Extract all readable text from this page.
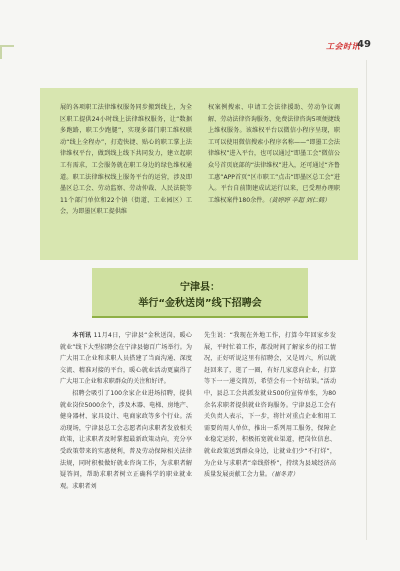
工会时讯
49
展的各项职工法律维权服务同步搬到线上，为全区职工提供24小时线上法律维权服务，让“数据多跑路，职工少跑腿”，实现多部门职工维权联动“线上全程办”，打造快捷、贴心的职工掌上法律维权平台，做到线上线下共同发力，建立起职工有需求，工会服务就在职工身边的绿色维权通道。职工法律维权线上服务平台的运营，涉及即墨区总工会、劳动监察、劳动仲裁、人民法院等11个部门单位和22个镇（街道、工业园区）工会，为即墨区职工提供维
权案例搜索、申请工会法律援助、劳动争议调解、劳动法律咨询服务、免费法律咨询5项便捷线上维权服务。该维权平台以微信小程序呈现，职工可以使用微信搜索小程序名称——“即墨工会法律维权”进入平台，也可以通过“即墨工会”微信公众号首页底部的“法律维权”进入，还可通过“齐鲁工惠”APP首页“区市职工”点击“即墨区总工会”进入。平台自前期建成试运行以来，已受理办理职工维权案件180余件。（黄婷婷 辛超 刘仁鹤）
宁津县：
举行“金秋送岗”线下招聘会

本刊讯 11月4日，宁津县“金秋送岗，暖心就业”线下大型招聘会在宁津县德百广场举行。为广大用工企业和求职人员搭建了当面沟通、深度交流、精准对接的平台，暖心就业活动更赢得了广大用工企业和求职群众的关注和好评。

招聘会吸引了100余家企业进场招聘，提供就业岗位5000余个，涉及木器、电梯、房地产、健身器材、家具设计、电商家政等多个行业。活动现场，宁津县总工会志愿者向求职者发放相关政策，让求职者及时掌握最新政策动向，充分享受政策带来的实惠便利，普及劳动保障相关法律法规，同时积极做好就业咨询工作，为求职者解疑答问，帮助求职者树立正确科学的职业就业观。求职者刘

先生说：“我现在外地工作，打算今年回家乡发展，平时忙着工作，都没时间了解家乡的招工情况，正好听说这里有招聘会，又是周六，所以就赶回来了，逛了一圈，有好几家意向企业，打算等下一一递交简历，希望会有一个好结果。”活动中，县总工会共派发就业500份宣传单张，为80余名求职者提供就业咨询服务。宁津县总工会有关负责人表示，下一步，将针对重点企业和用工需要的用人单位，推出一系列用工服务，保障企业稳定运转，积极拓宽就业渠道，把岗位信息、就业政策送到群众身边，让就业们少“不打烊”，为企业与求职者“牵线搭桥”，持续为县域经济高质量发展贡献工会力量。（崔冬青）
